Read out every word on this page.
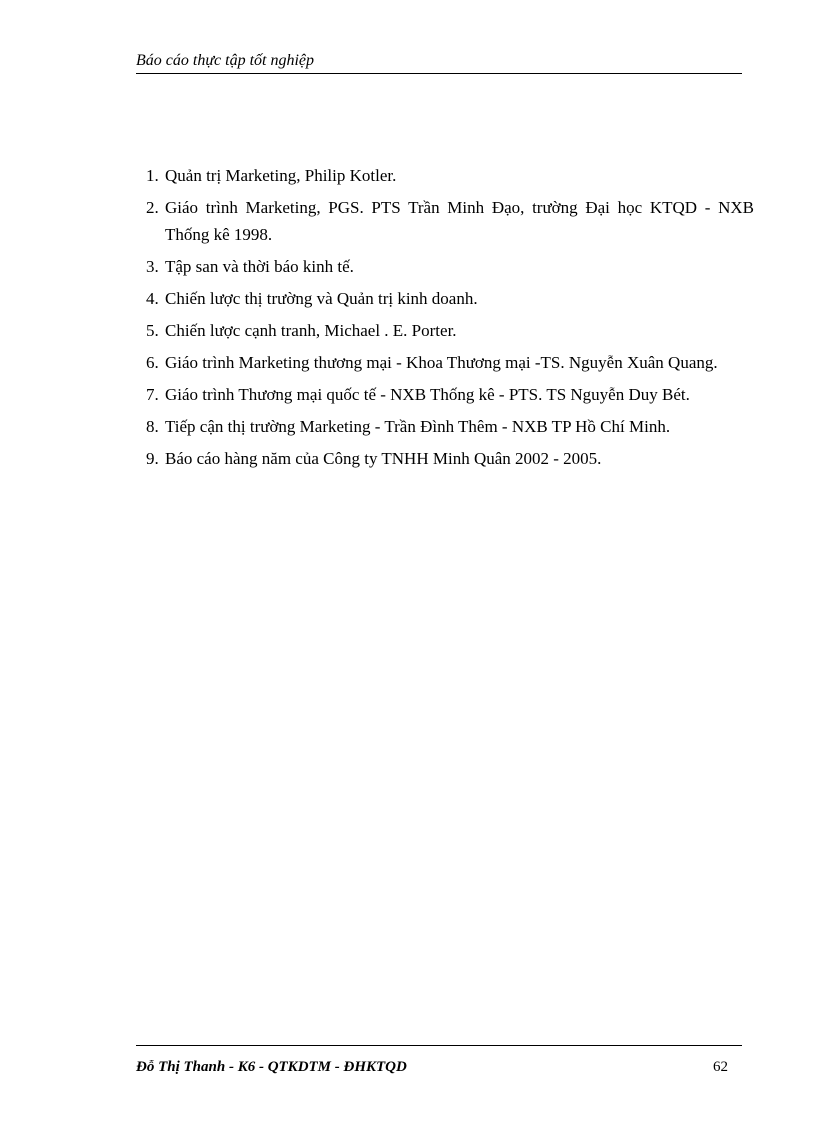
Báo cáo thực tập tốt nghiệp
1. Quản trị Marketing, Philip Kotler.
2. Giáo trình Marketing, PGS. PTS Trần Minh Đạo, trường Đại học KTQD - NXB Thống kê 1998.
3. Tập san và thời báo kinh tế.
4. Chiến lược thị trường và Quản trị kinh doanh.
5. Chiến lược cạnh tranh, Michael . E. Porter.
6. Giáo trình Marketing thương mại - Khoa Thương mại -TS. Nguyễn Xuân Quang.
7. Giáo trình Thương mại quốc tế - NXB Thống kê - PTS. TS Nguyễn Duy Bét.
8. Tiếp cận thị trường Marketing - Trần Đình Thêm - NXB TP Hồ Chí Minh.
9. Báo cáo hàng năm của Công ty TNHH Minh Quân 2002 - 2005.
Đỗ Thị Thanh - K6 - QTKDTM - ĐHKTQD	62
